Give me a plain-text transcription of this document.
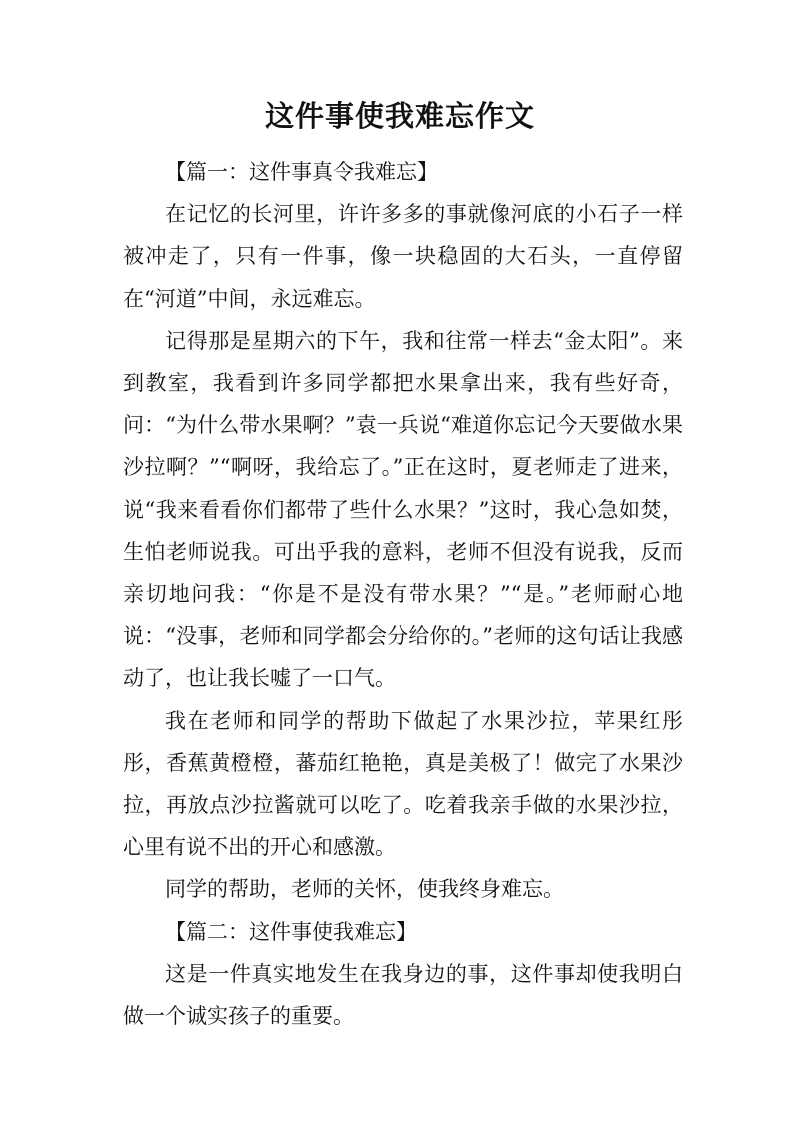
这件事使我难忘作文

【篇一：这件事真令我难忘】

在记忆的长河里，许许多多的事就像河底的小石子一样被冲走了，只有一件事，像一块稳固的大石头，一直停留在“河道”中间，永远难忘。

记得那是星期六的下午，我和往常一样去“金太阳”。来到教室，我看到许多同学都把水果拿出来，我有些好奇，问：“为什么带水果啊？”袁一兵说“难道你忘记今天要做水果沙拉啊？”“啊呀，我给忘了。”正在这时，夏老师走了进来，说“我来看看你们都带了些什么水果？”这时，我心急如焚，生怕老师说我。可出乎我的意料，老师不但没有说我，反而亲切地问我：“你是不是没有带水果？”“是。”老师耐心地说：“没事，老师和同学都会分给你的。”老师的这句话让我感动了，也让我长嘘了一口气。

我在老师和同学的帮助下做起了水果沙拉，苹果红彤彤，香蕉黄橙橙，蕃茄红艳艳，真是美极了！做完了水果沙拉，再放点沙拉酱就可以吃了。吃着我亲手做的水果沙拉，心里有说不出的开心和感激。

同学的帮助，老师的关怀，使我终身难忘。

【篇二：这件事使我难忘】

这是一件真实地发生在我身边的事，这件事却使我明白做一个诚实孩子的重要。
